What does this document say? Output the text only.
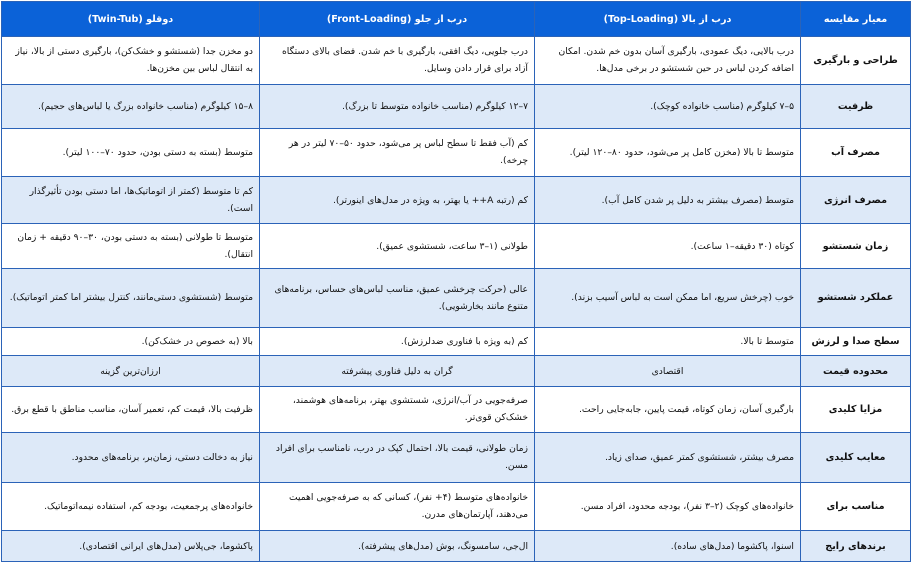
معیار مقایسه	درب از بالا (Top-Loading)	درب از جلو (Front-Loading)	دوقلو (Twin-Tub)
طراحی و بارگیری	درب بالایی، دیگ عمودی، بارگیری آسان بدون خم شدن. امکان اضافه کردن لباس در حین شستشو در برخی مدل‌ها.	درب جلویی، دیگ افقی، بارگیری با خم شدن. فضای بالای دستگاه آزاد برای قرار دادن وسایل.	دو مخزن جدا (شستشو و خشک‌کن)، بارگیری دستی از بالا، نیاز به انتقال لباس بین مخزن‌ها.
ظرفیت	۵–۷ کیلوگرم (مناسب خانواده کوچک).	۷–۱۲ کیلوگرم (مناسب خانواده متوسط تا بزرگ).	۸–۱۵ کیلوگرم (مناسب خانواده بزرگ یا لباس‌های حجیم).
مصرف آب	متوسط تا بالا (مخزن کامل پر می‌شود، حدود ۸۰–۱۲۰ لیتر).	کم (آب فقط تا سطح لباس پر می‌شود، حدود ۵۰–۷۰ لیتر در هر چرخه).	متوسط (بسته به دستی بودن، حدود ۷۰–۱۰۰ لیتر).
مصرف انرژی	متوسط (مصرف بیشتر به دلیل پر شدن کامل آب).	کم (رتبه A++ یا بهتر، به ویژه در مدل‌های اینورتر).	کم تا متوسط (کمتر از اتوماتیک‌ها، اما دستی بودن تأثیرگذار است).
زمان شستشو	کوتاه (۳۰ دقیقه–۱ ساعت).	طولانی (۱–۳ ساعت، شستشوی عمیق).	متوسط تا طولانی (بسته به دستی بودن، ۳۰–۹۰ دقیقه + زمان انتقال).
عملکرد شستشو	خوب (چرخش سریع، اما ممکن است به لباس آسیب بزند).	عالی (حرکت چرخشی عمیق، مناسب لباس‌های حساس، برنامه‌های متنوع مانند بخارشویی).	متوسط (شستشوی دستی‌مانند، کنترل بیشتر اما کمتر اتوماتیک).
سطح صدا و لرزش	متوسط تا بالا.	کم (به ویژه با فناوری ضدلرزش).	بالا (به خصوص در خشک‌کن).
محدوده قیمت	اقتصادی	گران به دلیل فناوری پیشرفته	ارزان‌ترین گزینه
مزایا کلیدی	بارگیری آسان، زمان کوتاه، قیمت پایین، جابه‌جایی راحت.	صرفه‌جویی در آب/انرژی، شستشوی بهتر، برنامه‌های هوشمند، خشک‌کن قوی‌تر.	ظرفیت بالا، قیمت کم، تعمیر آسان، مناسب مناطق با قطع برق.
معایب کلیدی	مصرف بیشتر، شستشوی کمتر عمیق، صدای زیاد.	زمان طولانی، قیمت بالا، احتمال کپک در درب، نامناسب برای افراد مسن.	نیاز به دخالت دستی، زمان‌بر، برنامه‌های محدود.
مناسب برای	خانواده‌های کوچک (۲–۳ نفر)، بودجه محدود، افراد مسن.	خانواده‌های متوسط (۴+ نفر)، کسانی که به صرفه‌جویی اهمیت می‌دهند، آپارتمان‌های مدرن.	خانواده‌های پرجمعیت، بودجه کم، استفاده نیمه‌اتوماتیک.
برندهای رایج	اسنوا، پاکشوما (مدل‌های ساده).	ال‌جی، سامسونگ، بوش (مدل‌های پیشرفته).	پاکشوما، جی‌پلاس (مدل‌های ایرانی اقتصادی).
